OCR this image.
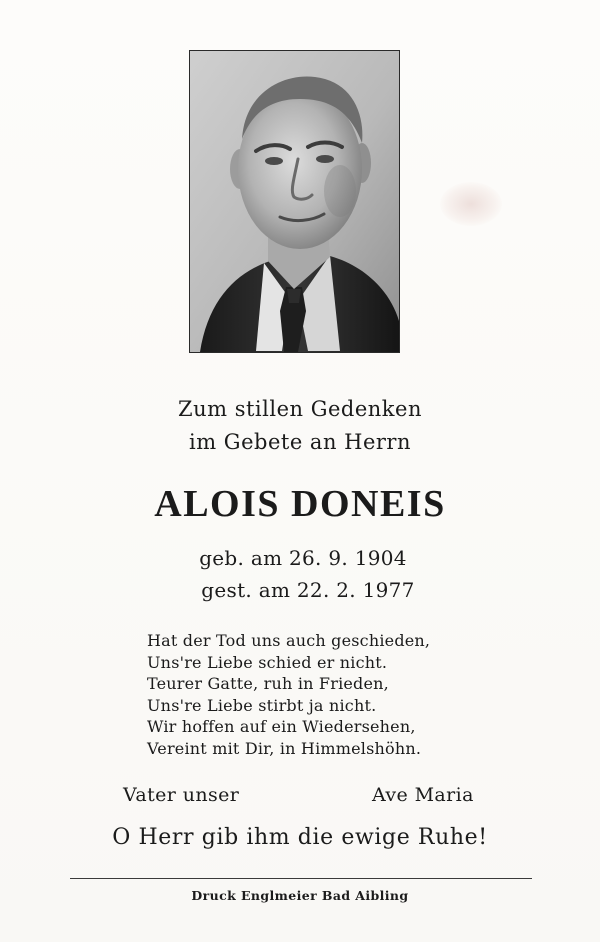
Zum stillen Gedenken
im Gebete an Herrn
ALOIS DONEIS
geb. am 26. 9. 1904
gest. am 22. 2. 1977
Hat der Tod uns auch geschieden,
Uns're Liebe schied er nicht.
Teurer Gatte, ruh in Frieden,
Uns're Liebe stirbt ja nicht.
Wir hoffen auf ein Wiedersehen,
Vereint mit Dir, in Himmelshöhn.
Vater unser	Ave Maria
O Herr gib ihm die ewige Ruhe!
Druck Englmeier Bad Aibling
